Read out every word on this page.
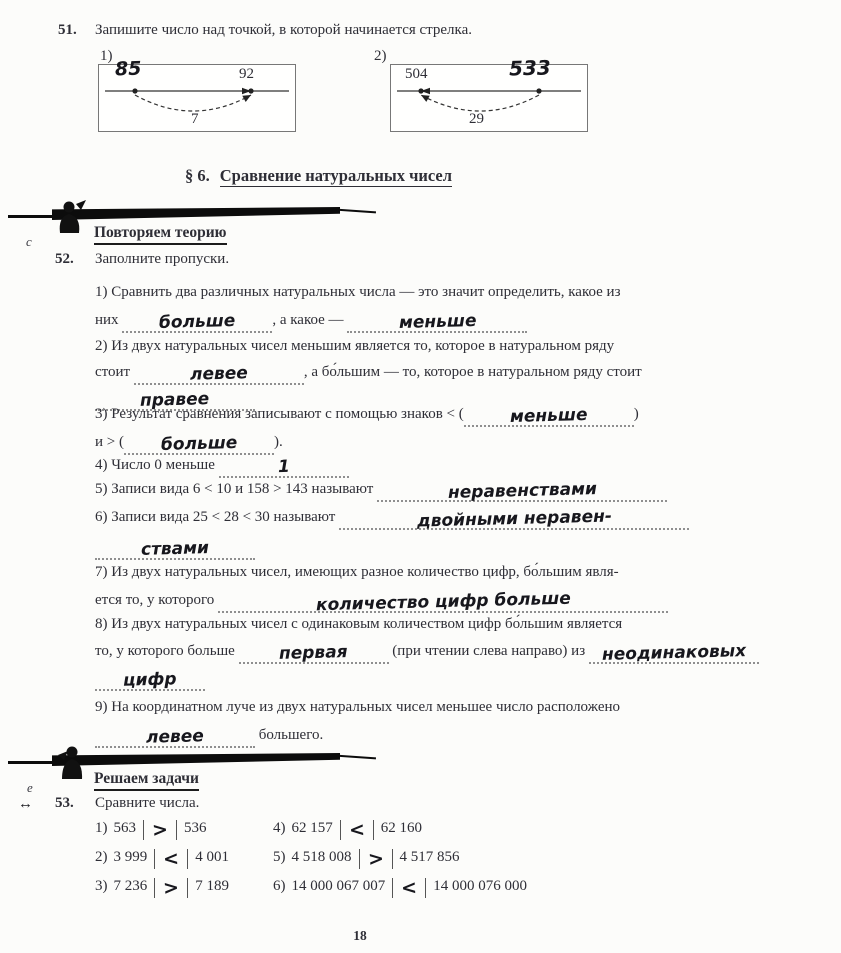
51. Запишите число над точкой, в которой начинается стрелка.
1)
85	92
7
2)
504	533
29
§ 6. Сравнение натуральных чисел
Повторяем теорию
c
52. Заполните пропуски.
1) Сравнить два различных натуральных числа — это значит определить, какое из
них больше , а какое —	меньше
2) Из двух натуральных чисел меньшим является то, которое в натуральном ряду
стоит	левее	, а бо́льшим — то, которое в натуральном ряду стоит
правее
3) Результат сравнения записывают с помощью знаков < (	меньше	)
и > ( больше ).
4) Число 0 меньше	1
5) Записи вида 6 < 10 и 158 > 143 называют	неравенствами
6) Записи вида 25 < 28 < 30 называют	двойными неравен-
ствами
7) Из двух натуральных чисел, имеющих разное количество цифр, бо́льшим явля-
ется то, у которого	количество цифр больше
8) Из двух натуральных чисел с одинаковым количеством цифр бо́льшим является
то, у которого больше	первая	(при чтении слева направо) из неодинаковых
цифр
9) На координатном луче из двух натуральных чисел меньшее число расположено
левее	большего.
Решаем задачи
e
↔ 53. Сравните числа.
1) 563 > 536	4) 62 157 < 62 160
2) 3 999 < 4 001	5) 4 518 008 > 4 517 856
3) 7 236 > 7 189	6) 14 000 067 007 < 14 000 076 000
18
